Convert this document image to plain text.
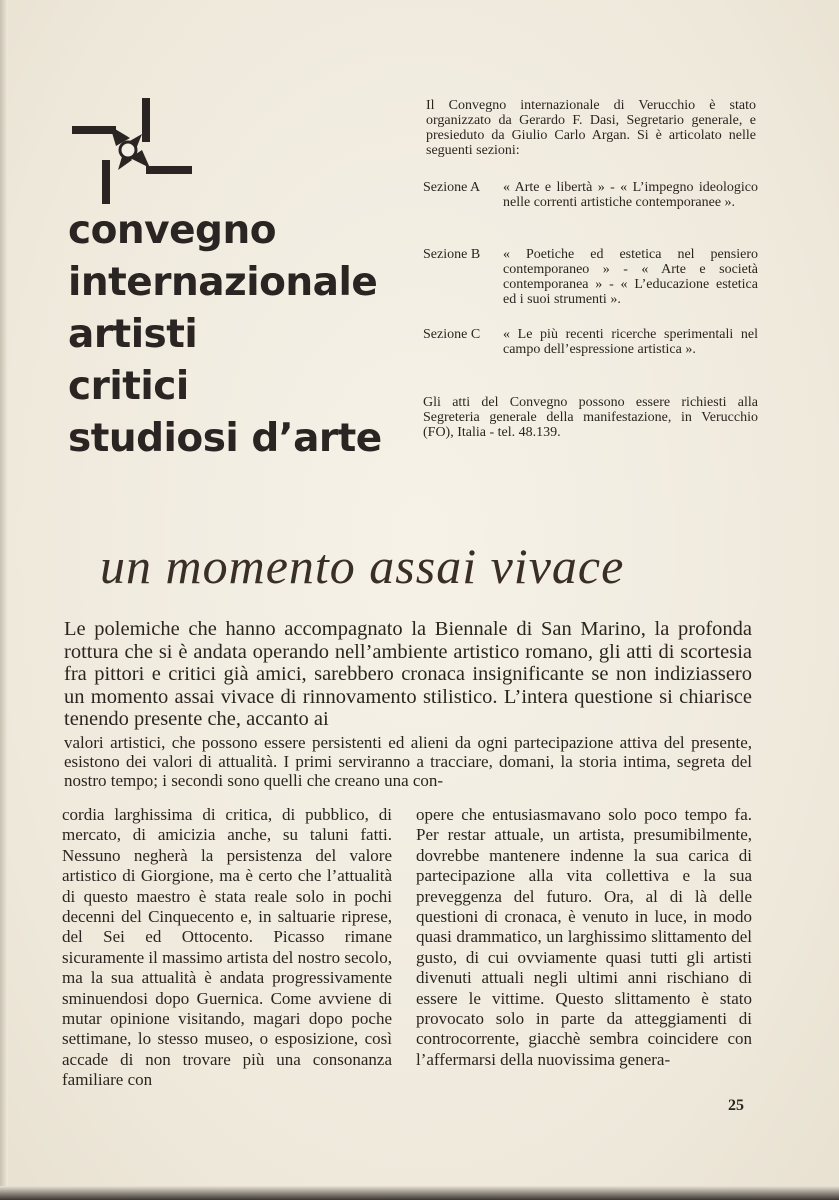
convegno
internazionale
artisti
critici
studiosi d’arte
Il Convegno internazionale di Verucchio è stato organizzato da Gerardo F. Dasi, Segretario generale, e presieduto da Giulio Carlo Argan. Si è articolato nelle seguenti sezioni:
Sezione A	« Arte e libertà » - « L’impegno ideologico nelle correnti artistiche contemporanee ».
Sezione B	« Poetiche ed estetica nel pensiero contemporaneo » - « Arte e società contemporanea » - « L’educazione estetica ed i suoi strumenti ».
Sezione C	« Le più recenti ricerche sperimentali nel campo dell’espressione artistica ».
Gli atti del Convegno possono essere richiesti alla Segreteria generale della manifestazione, in Verucchio (FO), Italia - tel. 48.139.
un momento assai vivace
Le polemiche che hanno accompagnato la Biennale di San Marino, la profonda rottura che si è andata operando nell’ambiente artistico romano, gli atti di scortesia fra pittori e critici già amici, sarebbero cronaca insignificante se non indiziassero un momento assai vivace di rinnovamento stilistico. L’intera questione si chiarisce tenendo presente che, accanto ai
valori artistici, che possono essere persistenti ed alieni da ogni partecipazione attiva del presente, esistono dei valori di attualità. I primi serviranno a tracciare, domani, la storia intima, segreta del nostro tempo; i secondi sono quelli che creano una con-
cordia larghissima di critica, di pubblico, di mercato, di amicizia anche, su taluni fatti. Nessuno negherà la persistenza del valore artistico di Giorgione, ma è certo che l’attualità di questo maestro è stata reale solo in pochi decenni del Cinquecento e, in saltuarie riprese, del Sei ed Ottocento. Picasso rimane sicuramente il massimo artista del nostro secolo, ma la sua attualità è andata progressivamente sminuendosi dopo Guernica. Come avviene di mutar opinione visitando, magari dopo poche settimane, lo stesso museo, o esposizione, così accade di non trovare più una consonanza familiare con
opere che entusiasmavano solo poco tempo fa. Per restar attuale, un artista, presumibilmente, dovrebbe mantenere indenne la sua carica di partecipazione alla vita collettiva e la sua preveggenza del futuro. Ora, al di là delle questioni di cronaca, è venuto in luce, in modo quasi drammatico, un larghissimo slittamento del gusto, di cui ovviamente quasi tutti gli artisti divenuti attuali negli ultimi anni rischiano di essere le vittime. Questo slittamento è stato provocato solo in parte da atteggiamenti di controcorrente, giacchè sembra coincidere con l’affermarsi della nuovissima genera-
25
